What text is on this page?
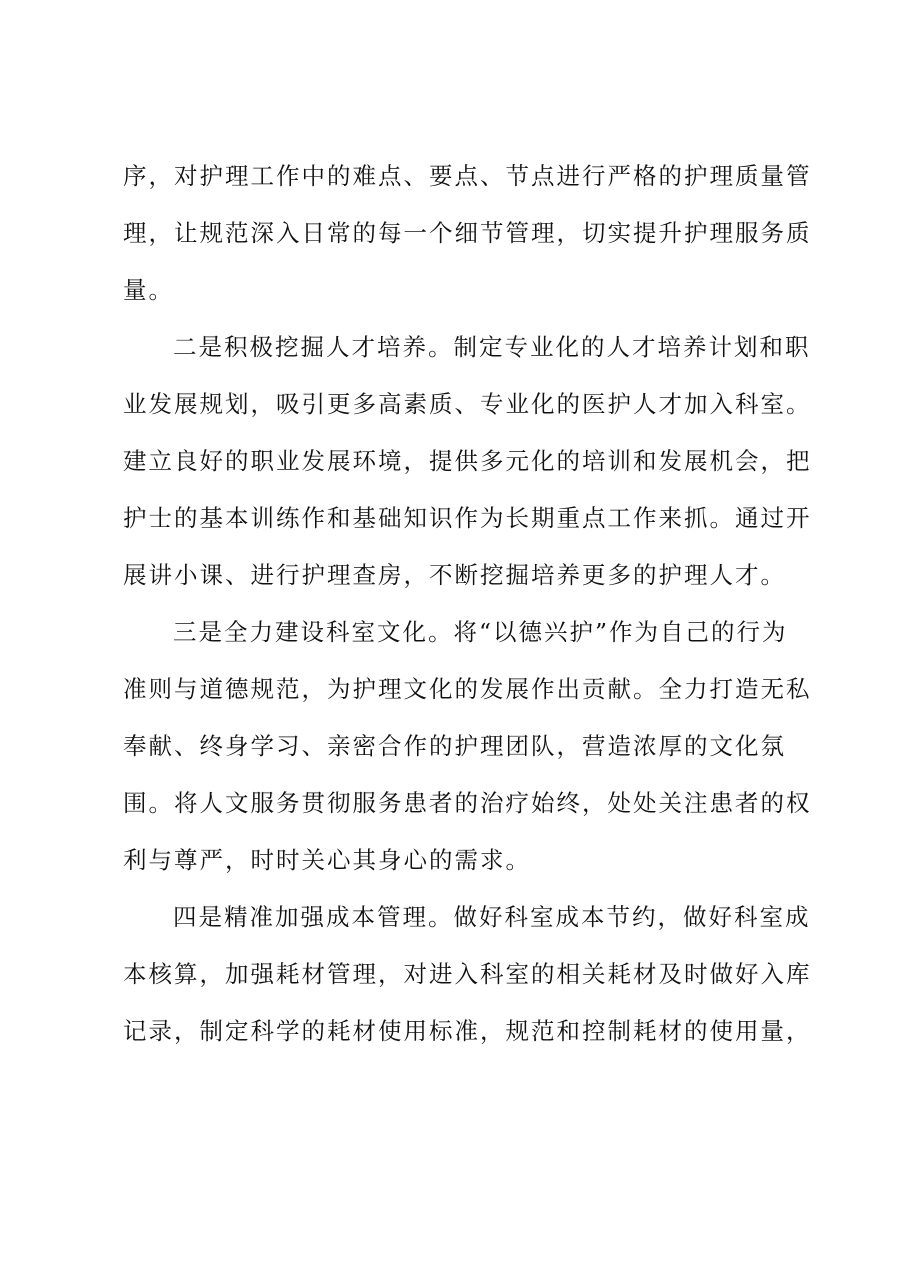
序，对护理工作中的难点、要点、节点进行严格的护理质量管
理，让规范深入日常的每一个细节管理，切实提升护理服务质
量。
二是积极挖掘人才培养。制定专业化的人才培养计划和职
业发展规划，吸引更多高素质、专业化的医护人才加入科室。
建立良好的职业发展环境，提供多元化的培训和发展机会，把
护士的基本训练作和基础知识作为长期重点工作来抓。通过开
展讲小课、进行护理查房，不断挖掘培养更多的护理人才。
三是全力建设科室文化。将“以德兴护”作为自己的行为
准则与道德规范，为护理文化的发展作出贡献。全力打造无私
奉献、终身学习、亲密合作的护理团队，营造浓厚的文化氛
围。将人文服务贯彻服务患者的治疗始终，处处关注患者的权
利与尊严，时时关心其身心的需求。
四是精准加强成本管理。做好科室成本节约，做好科室成
本核算，加强耗材管理，对进入科室的相关耗材及时做好入库
记录，制定科学的耗材使用标准，规范和控制耗材的使用量，
